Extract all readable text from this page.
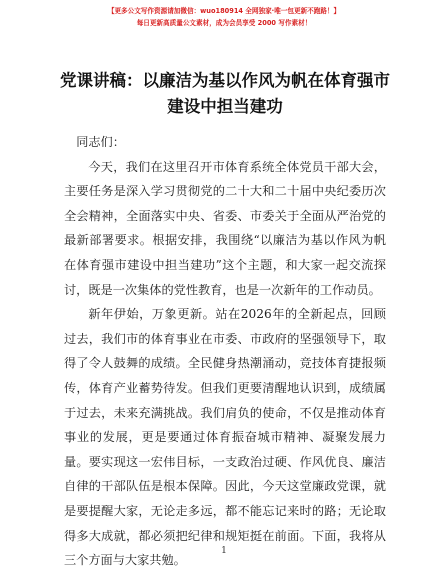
【更多公文写作资源请加微信：wuo180914 全网独家·唯一包更新不跑路！】
每日更新高质量公文素材，成为会员享受 2000 写作素材！
党课讲稿：以廉洁为基以作风为帆在体育强市建设中担当建功

同志们：

今天，我们在这里召开市体育系统全体党员干部大会，主要任务是深入学习贯彻党的二十大和二十届中央纪委历次全会精神，全面落实中央、省委、市委关于全面从严治党的最新部署要求。根据安排，我围绕“以廉洁为基以作风为帆在体育强市建设中担当建功”这个主题，和大家一起交流探讨，既是一次集体的党性教育，也是一次新年的工作动员。

新年伊始，万象更新。站在2026年的全新起点，回顾过去，我们市的体育事业在市委、市政府的坚强领导下，取得了令人鼓舞的成绩。全民健身热潮涌动，竞技体育捷报频传，体育产业蓄势待发。但我们更要清醒地认识到，成绩属于过去，未来充满挑战。我们肩负的使命，不仅是推动体育事业的发展，更是要通过体育振奋城市精神、凝聚发展力量。要实现这一宏伟目标，一支政治过硬、作风优良、廉洁自律的干部队伍是根本保障。因此，今天这堂廉政党课，就是要提醒大家，无论走多远，都不能忘记来时的路；无论取得多大成就，都必须把纪律和规矩挺在前面。下面，我将从三个方面与大家共勉。

1
